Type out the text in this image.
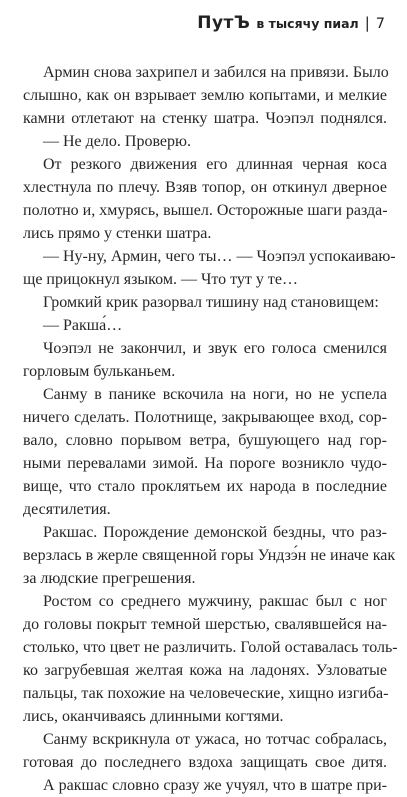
ПутЪ в тысячу пиал | 7
Армин снова захрипел и забился на привязи. Было
слышно, как он взрывает землю копытами, и мелкие
камни отлетают на стенку шатра. Чоэпэл поднялся.
— Не дело. Проверю.
От резкого движения его длинная черная коса
хлестнула по плечу. Взяв топор, он откинул дверное
полотно и, хмурясь, вышел. Осторожные шаги разда-
лись прямо у стенки шатра.
— Ну-ну, Армин, чего ты… — Чоэпэл успокаиваю-
ще прицокнул языком. — Что тут у те…
Громкий крик разорвал тишину над становищем:
— Ракша́…
Чоэпэл не закончил, и звук его голоса сменился
горловым бульканьем.
Санму в панике вскочила на ноги, но не успела
ничего сделать. Полотнище, закрывающее вход, сор-
вало, словно порывом ветра, бушующего над гор-
ными перевалами зимой. На пороге возникло чудо-
вище, что стало проклятьем их народа в последние
десятилетия.
Ракшас. Порождение демонской бездны, что раз-
верзлась в жерле священной горы Ундзэ́н не иначе как
за людские прегрешения.
Ростом со среднего мужчину, ракшас был с ног
до головы покрыт темной шерстью, свалявшейся на-
столько, что цвет не различить. Голой оставалась толь-
ко загрубевшая желтая кожа на ладонях. Узловатые
пальцы, так похожие на человеческие, хищно изгиба-
лись, оканчиваясь длинными когтями.
Санму вскрикнула от ужаса, но тотчас собралась,
готовая до последнего вздоха защищать свое дитя.
А ракшас словно сразу же учуял, что в шатре при-
